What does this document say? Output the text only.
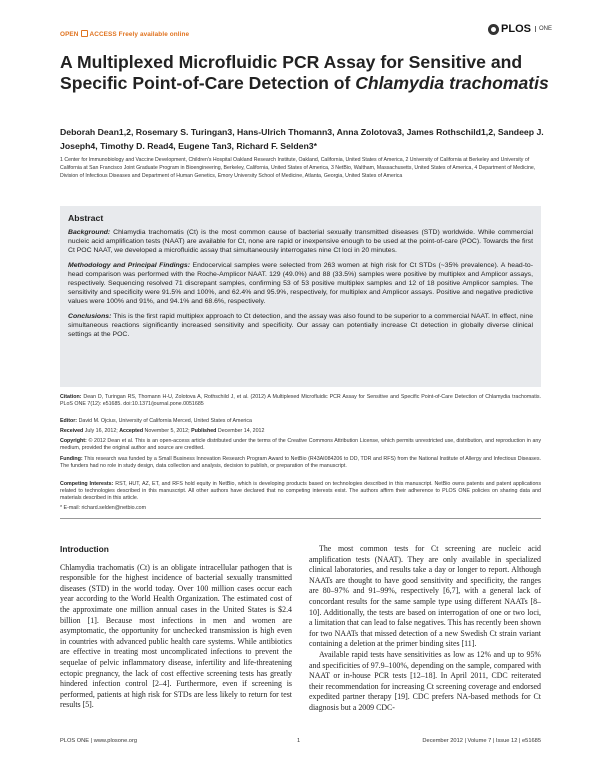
OPEN ACCESS Freely available online	PLOS	ONE
A Multiplexed Microfluidic PCR Assay for Sensitive and Specific Point-of-Care Detection of Chlamydia trachomatis
Deborah Dean1,2, Rosemary S. Turingan3, Hans-Ulrich Thomann3, Anna Zolotova3, James Rothschild1,2, Sandeep J. Joseph4, Timothy D. Read4, Eugene Tan3, Richard F. Selden3*
1 Center for Immunobiology and Vaccine Development, Children's Hospital Oakland Research Institute, Oakland, California, United States of America, 2 University of California at Berkeley and University of California at San Francisco Joint Graduate Program in Bioengineering, Berkeley, California, United States of America, 3 NetBio, Waltham, Massachusetts, United States of America, 4 Department of Medicine, Division of Infectious Diseases and Department of Human Genetics, Emory University School of Medicine, Atlanta, Georgia, United States of America
Abstract

Background: Chlamydia trachomatis (Ct) is the most common cause of bacterial sexually transmitted diseases (STD) worldwide. While commercial nucleic acid amplification tests (NAAT) are available for Ct, none are rapid or inexpensive enough to be used at the point-of-care (POC). Towards the first Ct POC NAAT, we developed a microfluidic assay that simultaneously interrogates nine Ct loci in 20 minutes.

Methodology and Principal Findings: Endocervical samples were selected from 263 women at high risk for Ct STDs (~35% prevalence). A head-to-head comparison was performed with the Roche-Amplicor NAAT. 129 (49.0%) and 88 (33.5%) samples were positive by multiplex and Amplicor assays, respectively. Sequencing resolved 71 discrepant samples, confirming 53 of 53 positive multiplex samples and 12 of 18 positive Amplicor samples. The sensitivity and specificity were 91.5% and 100%, and 62.4% and 95.9%, respectively, for multiplex and Amplicor assays. Positive and negative predictive values were 100% and 91%, and 94.1% and 68.6%, respectively.

Conclusions: This is the first rapid multiplex approach to Ct detection, and the assay was also found to be superior to a commercial NAAT. In effect, nine simultaneous reactions significantly increased sensitivity and specificity. Our assay can potentially increase Ct detection in globally diverse clinical settings at the POC.

Citation: Dean D, Turingan RS, Thomann H-U, Zolotova A, Rothschild J, et al. (2012) A Multiplexed Microfluidic PCR Assay for Sensitive and Specific Point-of-Care Detection of Chlamydia trachomatis. PLoS ONE 7(12): e51685. doi:10.1371/journal.pone.0051685
Editor: David M. Ojcius, University of California Merced, United States of America
Received July 16, 2012; Accepted November 5, 2012; Published December 14, 2012
Copyright: © 2012 Dean et al. This is an open-access article distributed under the terms of the Creative Commons Attribution License, which permits unrestricted use, distribution, and reproduction in any medium, provided the original author and source are credited.
Funding: This research was funded by a Small Business Innovation Research Program Award to NetBio (R43AI084206 to DD, TDR and RFS) from the National Institute of Allergy and Infectious Diseases. The funders had no role in study design, data collection and analysis, decision to publish, or preparation of the manuscript.
Competing Interests: RST, HUT, AZ, ET, and RFS hold equity in NetBio, which is developing products based on technologies described in this manuscript. NetBio owns patents and patent applications related to technologies described in this manuscript. All other authors have declared that no competing interests exist. The authors affirm their adherence to PLOS ONE policies on sharing data and materials described in this article.
* E-mail: richard.selden@netbio.com
Introduction

Chlamydia trachomatis (Ct) is an obligate intracellular pathogen that is responsible for the highest incidence of bacterial sexually transmitted diseases (STD) in the world today. Over 100 million cases occur each year according to the World Health Organization. The estimated cost of the approximate one million annual cases in the United States is $2.4 billion [1]. Because most infections in men and women are asymptomatic, the opportunity for unchecked transmission is high even in countries with advanced public health care systems. While antibiotics are effective in treating most uncomplicated infections to prevent the sequelae of pelvic inflammatory disease, infertility and life-threatening ectopic pregnancy, the lack of cost effective screening tests has greatly hindered infection control [2–4]. Furthermore, even if screening is performed, patients at high risk for STDs are less likely to return for test results [5].

The most common tests for Ct screening are nucleic acid amplification tests (NAAT). They are only available in specialized clinical laboratories, and results take a day or longer to report. Although NAATs are thought to have good sensitivity and specificity, the ranges are 80–97% and 91–99%, respectively [6,7], with a general lack of concordant results for the same sample type using different NAATs [8–10]. Additionally, the tests are based on interrogation of one or two loci, a limitation that can lead to false negatives. This has recently been shown for two NAATs that missed detection of a new Swedish Ct strain variant containing a deletion at the primer binding sites [11].

Available rapid tests have sensitivities as low as 12% and up to 95% and specificities of 97.9–100%, depending on the sample, compared with NAAT or in-house PCR tests [12–18]. In April 2011, CDC reiterated their recommendation for increasing Ct screening coverage and endorsed expedited partner therapy [19]. CDC prefers NA-based methods for Ct diagnosis but a 2009 CDC-

PLOS ONE | www.plosone.org	1	December 2012 | Volume 7 | Issue 12 | e51685
